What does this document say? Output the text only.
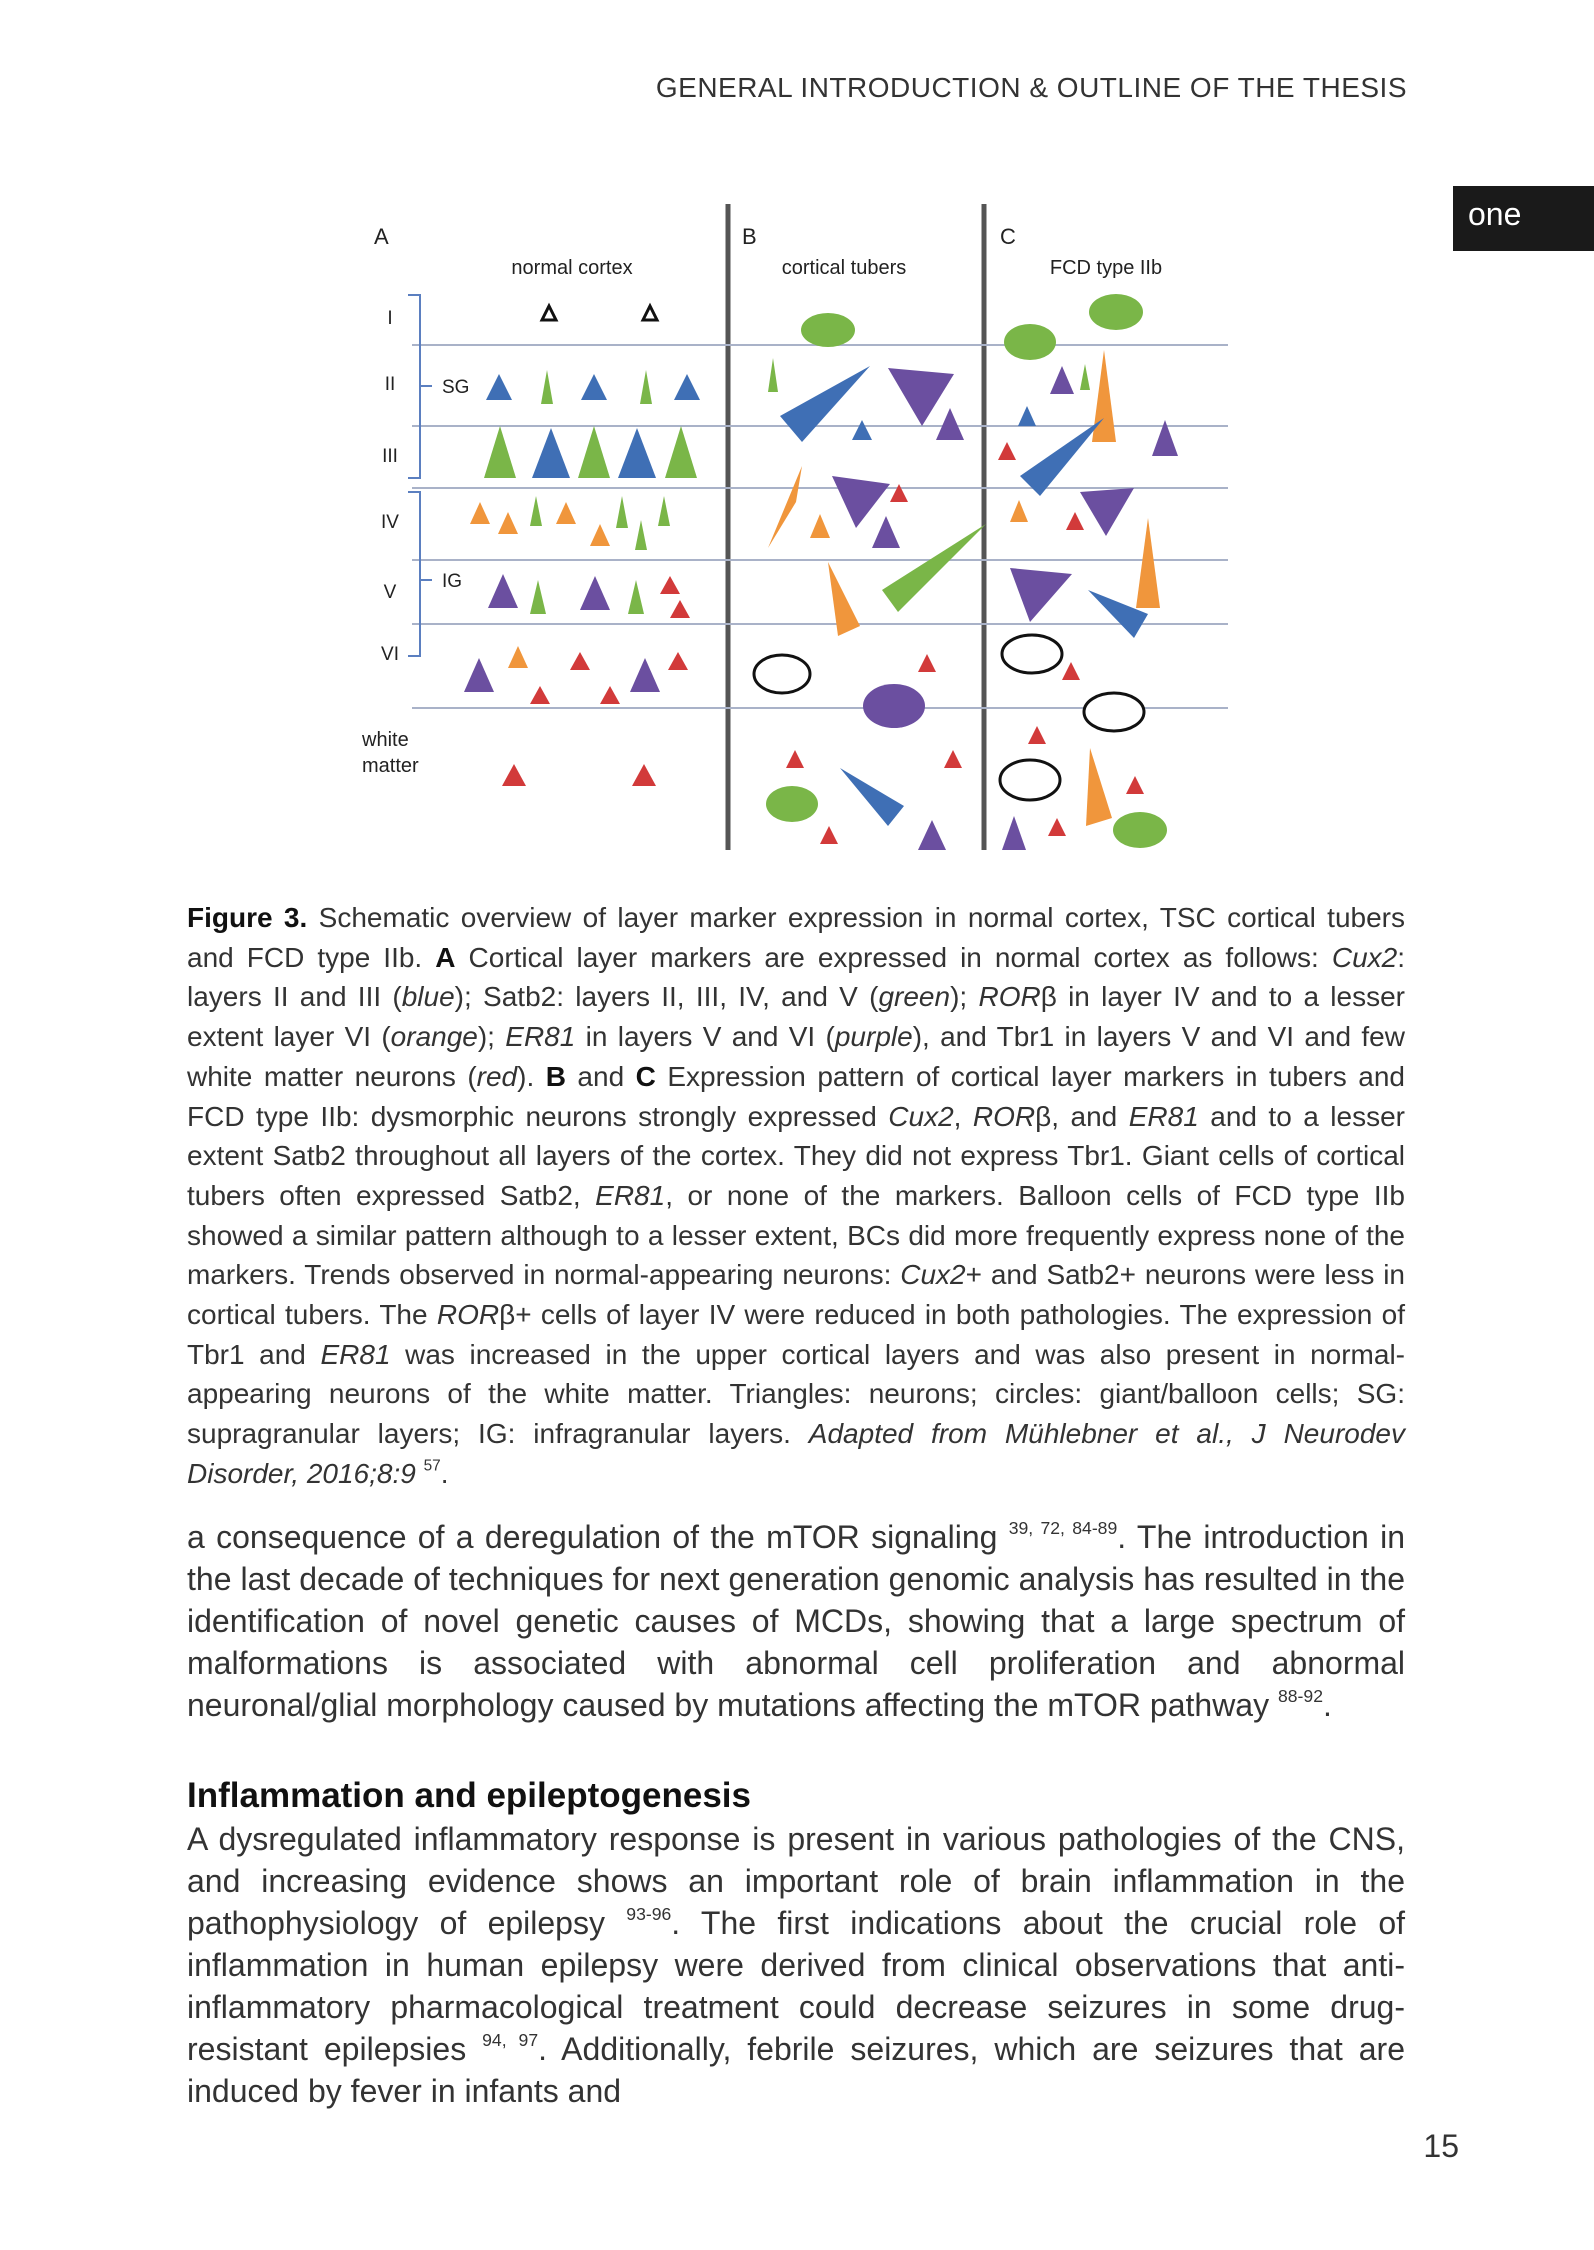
GENERAL INTRODUCTION & OUTLINE OF THE THESIS
one
A
normal cortex
B
cortical tubers
C
FCD type IIb
I
II
III
IV
V
VI
SG
IG
white
matter

Figure 3. Schematic overview of layer marker expression in normal cortex, TSC cortical tubers and FCD type IIb. A Cortical layer markers are expressed in normal cortex as follows: Cux2: layers II and III (blue); Satb2: layers II, III, IV, and V (green); RORβ in layer IV and to a lesser extent layer VI (orange); ER81 in layers V and VI (purple), and Tbr1 in layers V and VI and few white matter neurons (red). B and C Expression pattern of cortical layer markers in tubers and FCD type IIb: dysmorphic neurons strongly expressed Cux2, RORβ, and ER81 and to a lesser extent Satb2 throughout all layers of the cortex. They did not express Tbr1. Giant cells of cortical tubers often expressed Satb2, ER81, or none of the markers. Balloon cells of FCD type IIb showed a similar pattern although to a lesser extent, BCs did more frequently express none of the markers. Trends observed in normal-appearing neurons: Cux2+ and Satb2+ neurons were less in cortical tubers. The RORβ+ cells of layer IV were reduced in both pathologies. The expression of Tbr1 and ER81 was increased in the upper cortical layers and was also present in normal-appearing neurons of the white matter. Triangles: neurons; circles: giant/balloon cells; SG: supragranular layers; IG: infragranular layers. Adapted from Mühlebner et al., J Neurodev Disorder, 2016;8:9 $^{57}$.

a consequence of a deregulation of the mTOR signaling $^{39, 72, 84-89}$. The introduction in the last decade of techniques for next generation genomic analysis has resulted in the identification of novel genetic causes of MCDs, showing that a large spectrum of malformations is associated with abnormal cell proliferation and abnormal neuronal/glial morphology caused by mutations affecting the mTOR pathway $^{88-92}$.

Inflammation and epileptogenesis

A dysregulated inflammatory response is present in various pathologies of the CNS, and increasing evidence shows an important role of brain inflammation in the pathophysiology of epilepsy $^{93-96}$. The first indications about the crucial role of inflammation in human epilepsy were derived from clinical observations that anti-inflammatory pharmacological treatment could decrease seizures in some drug-resistant epilepsies $^{94, 97}$. Additionally, febrile seizures, which are seizures that are induced by fever in infants and

15
